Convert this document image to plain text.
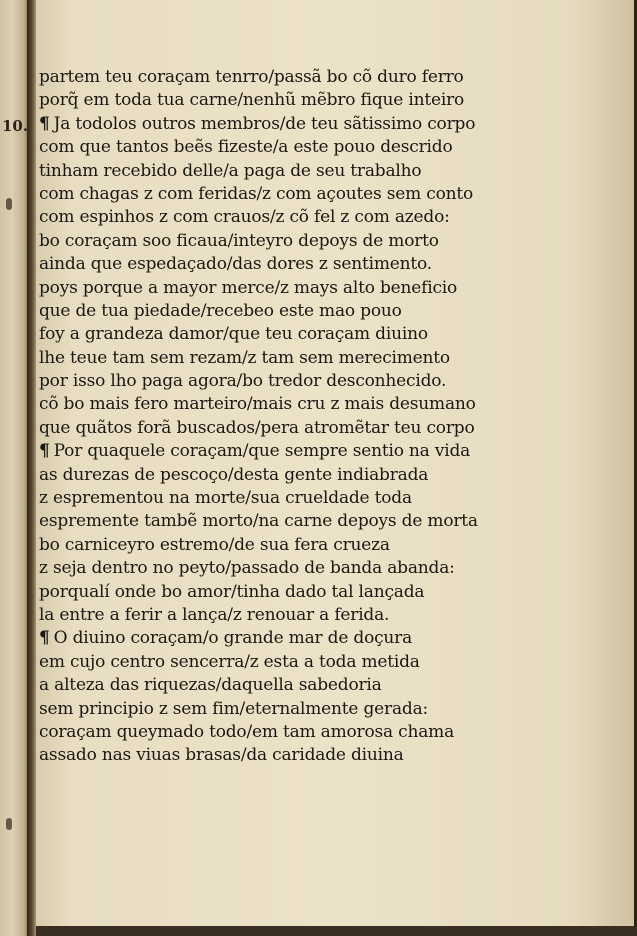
10.
partem teu coraçam tenrro/passã bo cõ duro ferro
porq̃ em toda tua carne/nenhũ mẽbro fique inteiro
¶ Ja todolos outros membros/de teu sãtissimo corpo
com que tantos beẽs fizeste/a este pouo descrido
tinham recebido delle/a paga de seu trabalho
com chagas z com feridas/z com açoutes sem conto
com espinhos z com crauos/z cõ fel z com azedo:
bo coraçam soo ficaua/inteyro depoys de morto
ainda que espedaçado/das dores z sentimento.
poys porque a mayor merce/z mays alto beneficio
que de tua piedade/recebeo este mao pouo
foy a grandeza damor/que teu coraçam diuino
lhe teue tam sem rezam/z tam sem merecimento
por isso lho paga agora/bo tredor desconhecido.
cõ bo mais fero marteiro/mais cru z mais desumano
que quãtos forã buscados/pera atromẽtar teu corpo
¶ Por quaquele coraçam/que sempre sentio na vida
as durezas de pescoço/desta gente indiabrada
z esprementou na morte/sua crueldade toda
espremente tambẽ morto/na carne depoys de morta
bo carniceyro estremo/de sua fera crueza
z seja dentro no peyto/passado de banda abanda:
porqualí onde bo amor/tinha dado tal lançada
la entre a ferir a lança/z renouar a ferida.
¶ O diuino coraçam/o grande mar de doçura
em cujo centro sencerra/z esta a toda metida
a alteza das riquezas/daquella sabedoria
sem principio z sem fim/eternalmente gerada:
coraçam queymado todo/em tam amorosa chama
assado nas viuas brasas/da caridade diuina
